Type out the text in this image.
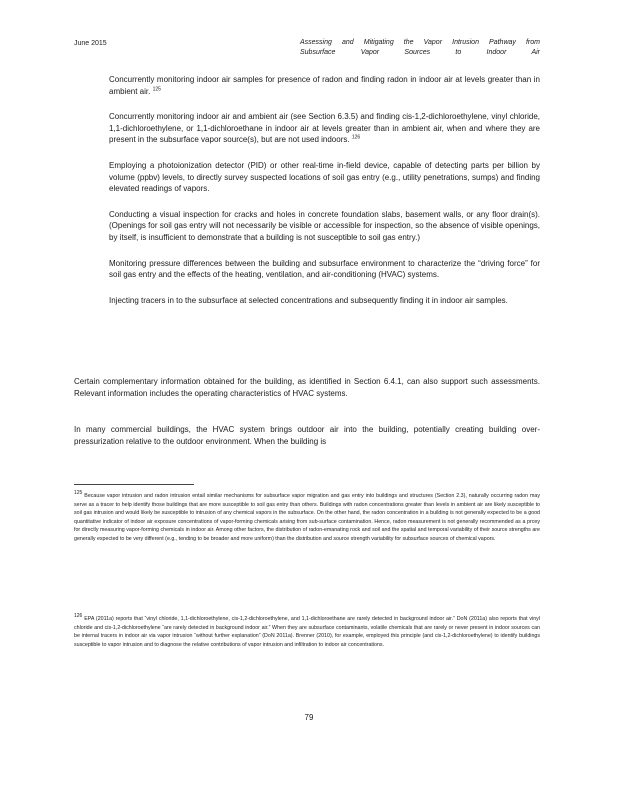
June 2015	Assessing and Mitigating the Vapor Intrusion Pathway from
Subsurface Vapor Sources to Indoor Air
Concurrently monitoring indoor air samples for presence of radon and finding radon in indoor air at levels greater than in ambient air. $^{125}$
Concurrently monitoring indoor air and ambient air (see Section 6.3.5) and finding cis-1,2-dichloroethylene, vinyl chloride, 1,1-dichloroethylene, or 1,1-dichloroethane in indoor air at levels greater than in ambient air, when and where they are present in the subsurface vapor source(s), but are not used indoors. $^{126}$
Employing a photoionization detector (PID) or other real-time in-field device, capable of detecting parts per billion by volume (ppbv) levels, to directly survey suspected locations of soil gas entry (e.g., utility penetrations, sumps) and finding elevated readings of vapors.
Conducting a visual inspection for cracks and holes in concrete foundation slabs, basement walls, or any floor drain(s). (Openings for soil gas entry will not necessarily be visible or accessible for inspection, so the absence of visible openings, by itself, is insufficient to demonstrate that a building is not susceptible to soil gas entry.)
Monitoring pressure differences between the building and subsurface environment to characterize the “driving force” for soil gas entry and the effects of the heating, ventilation, and air-conditioning (HVAC) systems.
Injecting tracers in to the subsurface at selected concentrations and subsequently finding it in indoor air samples.

Certain complementary information obtained for the building, as identified in Section 6.4.1, can also support such assessments. Relevant information includes the operating characteristics of HVAC systems.

In many commercial buildings, the HVAC system brings outdoor air into the building, potentially creating building over-pressurization relative to the outdoor environment. When the building is

$^{125}$ Because vapor intrusion and radon intrusion entail similar mechanisms for subsurface vapor migration and gas entry into buildings and structures (Section 2.3), naturally occurring radon may serve as a tracer to help identify those buildings that are more susceptible to soil gas entry than others. Buildings with radon concentrations greater than levels in ambient air are likely susceptible to soil gas intrusion and would likely be susceptible to intrusion of any chemical vapors in the subsurface. On the other hand, the radon concentration in a building is not generally expected to be a good quantitative indicator of indoor air exposure concentrations of vapor-forming chemicals arising from sub-surface contamination. Hence, radon measurement is not generally recommended as a proxy for directly measuring vapor-forming chemicals in indoor air. Among other factors, the distribution of radon-emanating rock and soil and the spatial and temporal variability of their source strengths are generally expected to be very different (e.g., tending to be broader and more uniform) than the distribution and source strength variability for subsurface sources of chemical vapors.
$^{126}$ EPA (2011a) reports that “vinyl chloride, 1,1-dichloroethylene, cis-1,2-dichloroethylene, and 1,1-dichloroethane are rarely detected in background indoor air.” DoN (2011a) also reports that vinyl chloride and cis-1,2-dichloroethylene “are rarely detected in background indoor air.” When they are subsurface contaminants, volatile chemicals that are rarely or never present in indoor sources can be internal tracers in indoor air via vapor intrusion “without further explanation” (DoN 2011a). Brenner (2010), for example, employed this principle (and cis-1,2-dichloroethylene) to identify buildings susceptible to vapor intrusion and to diagnose the relative contributions of vapor intrusion and infiltration to indoor air concentrations.
79
